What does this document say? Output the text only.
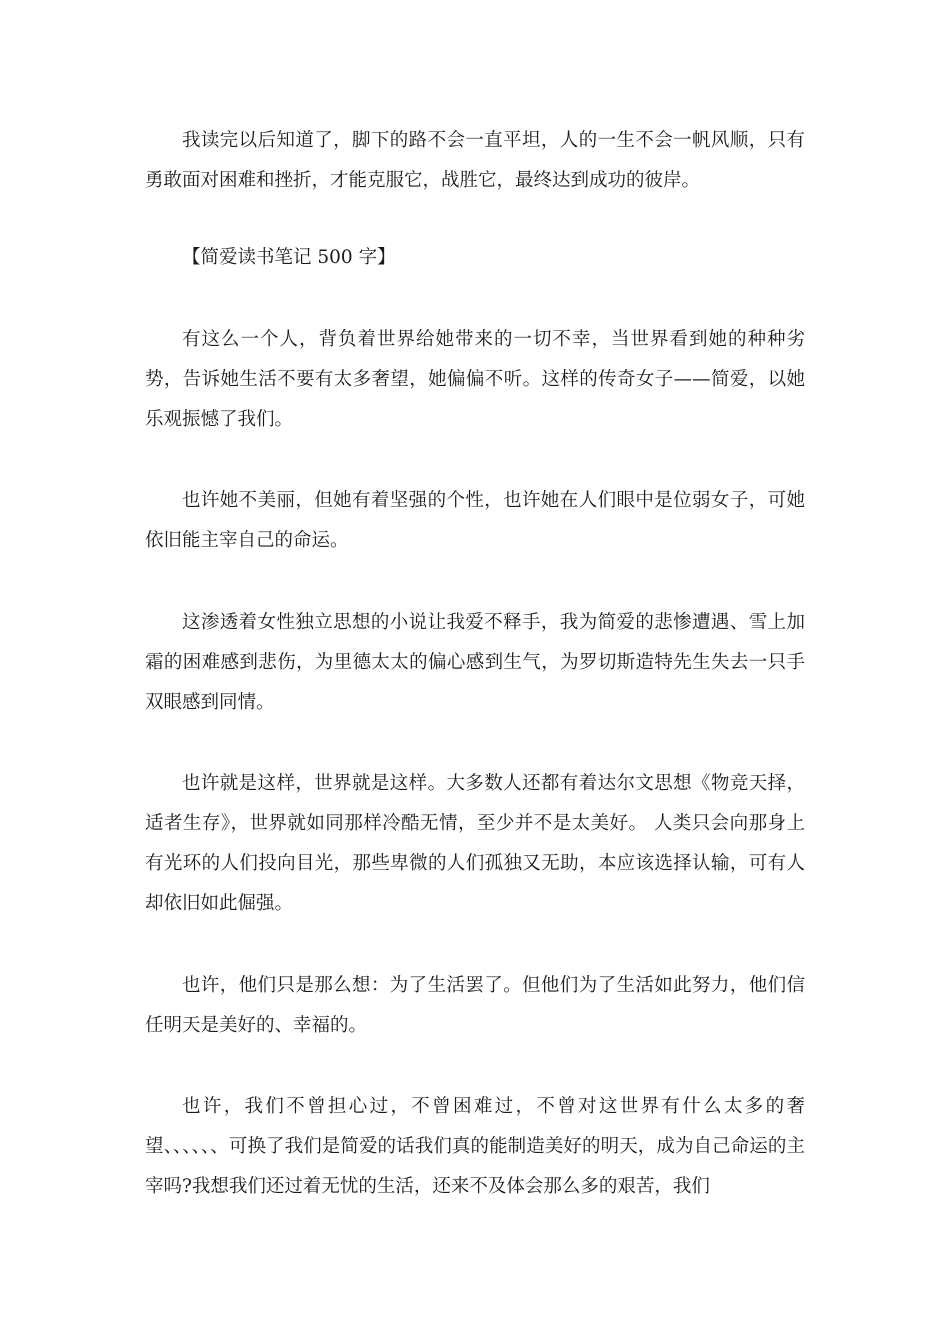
我读完以后知道了，脚下的路不会一直平坦，人的一生不会一帆风顺，只有勇敢面对困难和挫折，才能克服它，战胜它，最终达到成功的彼岸。

【简爱读书笔记 500 字】

有这么一个人，背负着世界给她带来的一切不幸，当世界看到她的种种劣势，告诉她生活不要有太多奢望，她偏偏不听。这样的传奇女子——简爱，以她乐观振憾了我们。

也许她不美丽，但她有着坚强的个性，也许她在人们眼中是位弱女子，可她依旧能主宰自己的命运。

这渗透着女性独立思想的小说让我爱不释手，我为简爱的悲惨遭遇、雪上加霜的困难感到悲伤，为里德太太的偏心感到生气，为罗切斯造特先生失去一只手双眼感到同情。

也许就是这样，世界就是这样。大多数人还都有着达尔文思想《物竞天择，适者生存》，世界就如同那样冷酷无情，至少并不是太美好。 人类只会向那身上有光环的人们投向目光，那些卑微的人们孤独又无助，本应该选择认输，可有人却依旧如此倔强。

也许，他们只是那么想：为了生活罢了。但他们为了生活如此努力，他们信任明天是美好的、幸福的。

也许，我们不曾担心过，不曾困难过，不曾对这世界有什么太多的奢望、、、、、、可换了我们是简爱的话我们真的能制造美好的明天，成为自己命运的主宰吗?我想我们还过着无忧的生活，还来不及体会那么多的艰苦，我们
